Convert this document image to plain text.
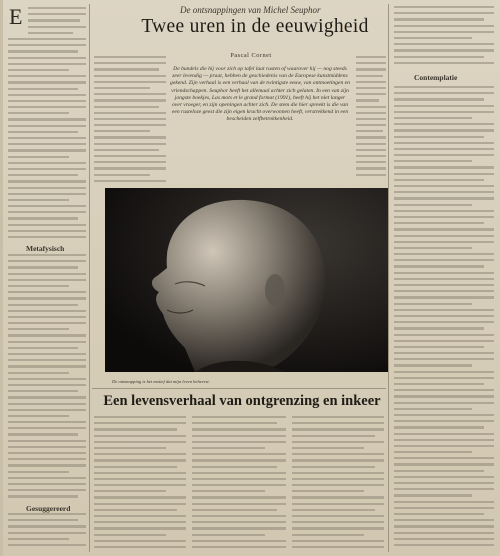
E
Metafysisch
Gesuggereerd
De ontsnappingen van Michel Seuphor
Twee uren in de eeuwigheid
Pascal Cornet
De bundels die hij voor zich op tafel laat rusten of waarover hij — nog steeds zeer levendig — praat, hebben de geschiedenis van de Europese kunstmiddens gekend. Zijn verhaal is een verhaal van de twintigste eeuw, van ontmoetingen en vriendschappen. Seuphor heeft het allemaal achter zich gelaten. In een van zijn jongste boekjes, Las mots et le grand format (1991), heeft hij het niet langer over vroeger, en zijn openingen achter zich. De stem die hier spreekt is die van een rusteloze geest die zijn eigen kracht overwonnen heeft, verstrekkend in een bescheiden zelfbetrokkenheid.
Contemplatie
De ontsnapping is het motief dat mijn leven beheerst.
Een levensverhaal van ontgrenzing en inkeer
